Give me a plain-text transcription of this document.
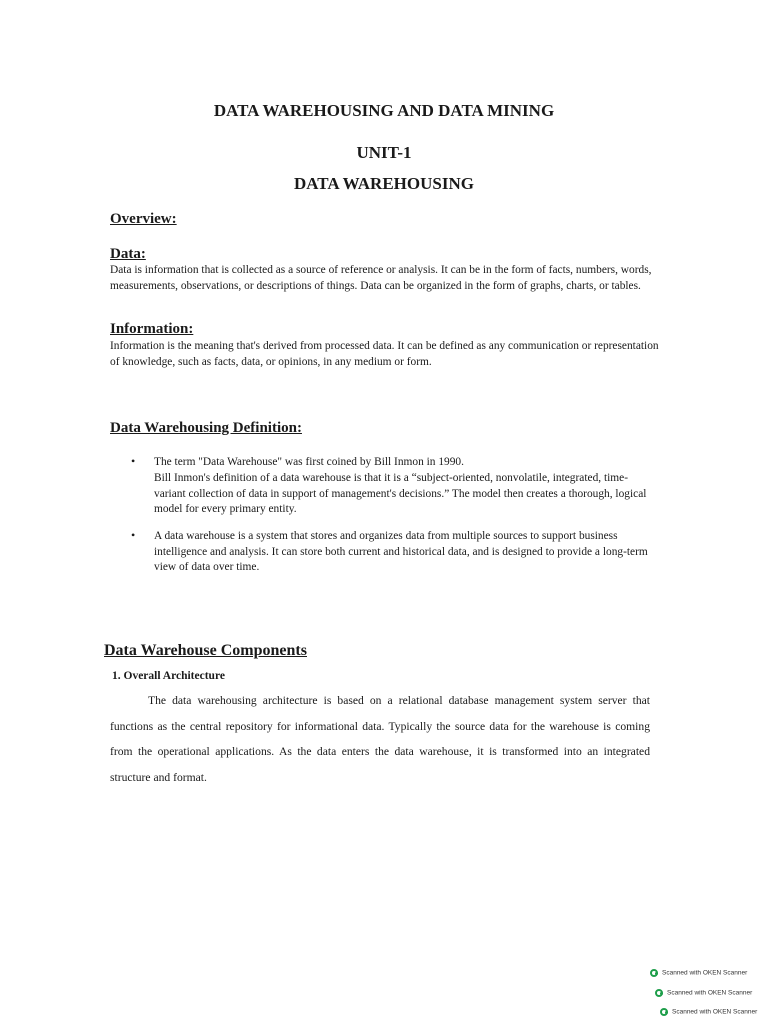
DATA WAREHOUSING AND DATA MINING
UNIT-1
DATA WAREHOUSING
Overview:
Data:
Data is information that is collected as a source of reference or analysis. It can be in the form of facts, numbers, words, measurements, observations, or descriptions of things. Data can be organized in the form of graphs, charts, or tables.
Information:
Information is the meaning that's derived from processed data. It can be defined as any communication or representation of knowledge, such as facts, data, or opinions, in any medium or form.
Data Warehousing Definition:
• The term "Data Warehouse" was first coined by Bill Inmon in 1990.
Bill Inmon's definition of a data warehouse is that it is a “subject-oriented, nonvolatile, integrated, time-variant collection of data in support of management's decisions.” The model then creates a thorough, logical model for every primary entity.
• A data warehouse is a system that stores and organizes data from multiple sources to support business intelligence and analysis. It can store both current and historical data, and is designed to provide a long-term view of data over time.
Data Warehouse Components
1. Overall Architecture
The data warehousing architecture is based on a relational database management system server that functions as the central repository for informational data. Typically the source data for the warehouse is coming from the operational applications. As the data enters the data warehouse, it is transformed into an integrated structure and format.
Scanned with OKEN Scanner
Scanned with OKEN Scanner
Scanned with OKEN Scanner
